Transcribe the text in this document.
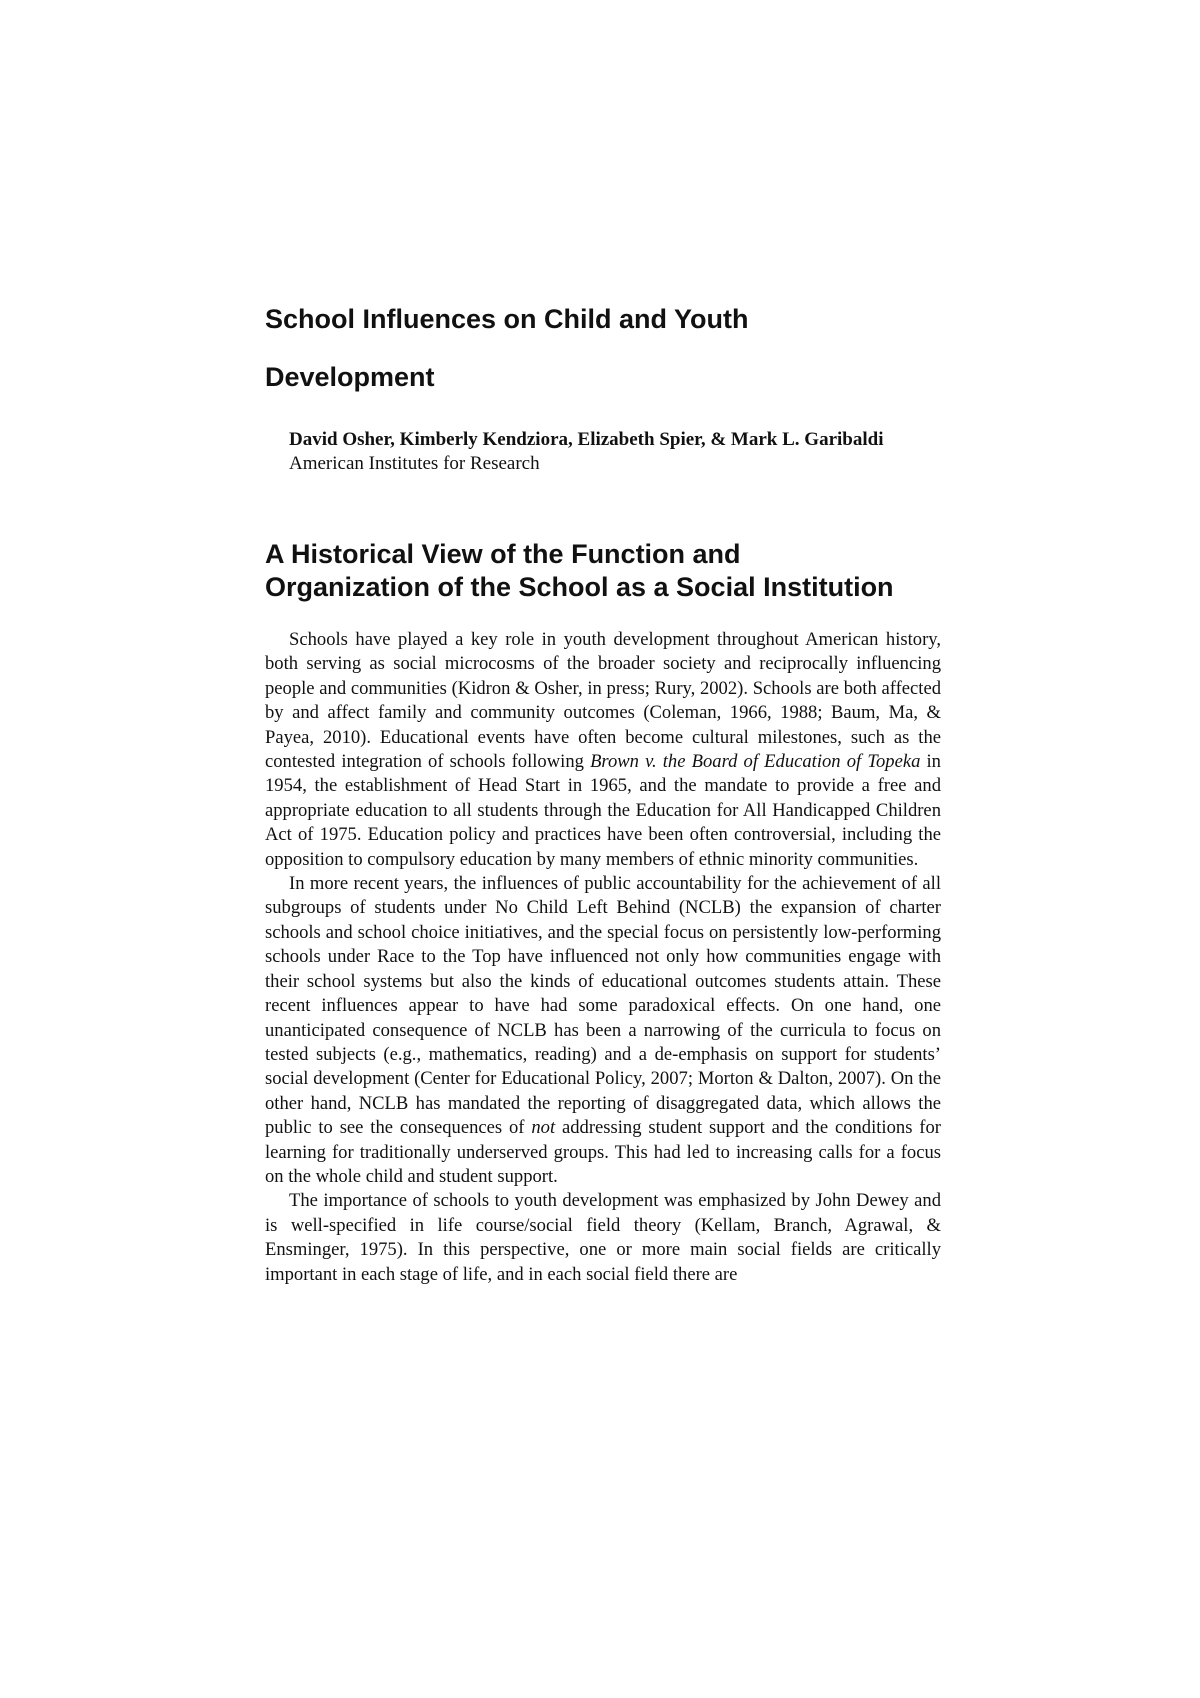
School Influences on Child and Youth
Development

David Osher, Kimberly Kendziora, Elizabeth Spier, & Mark L. Garibaldi

American Institutes for Research

A Historical View of the Function and
Organization of the School as a Social Institution

Schools have played a key role in youth development throughout American history, both serving as social microcosms of the broader society and reciprocally influencing people and communities (Kidron & Osher, in press; Rury, 2002). Schools are both affected by and affect family and community outcomes (Coleman, 1966, 1988; Baum, Ma, & Payea, 2010). Educational events have often become cultural milestones, such as the contested integration of schools following Brown v. the Board of Education of Topeka in 1954, the establishment of Head Start in 1965, and the mandate to provide a free and appropriate education to all students through the Education for All Handicapped Children Act of 1975. Education policy and practices have been often controversial, including the opposition to compulsory education by many members of ethnic minority communities.

In more recent years, the influences of public accountability for the achievement of all subgroups of students under No Child Left Behind (NCLB) the expansion of charter schools and school choice initiatives, and the special focus on persistently low-performing schools under Race to the Top have influenced not only how communities engage with their school systems but also the kinds of educational outcomes students attain. These recent influences appear to have had some paradoxical effects. On one hand, one unanticipated consequence of NCLB has been a narrowing of the curricula to focus on tested subjects (e.g., mathematics, reading) and a de-emphasis on support for students’ social development (Center for Educational Policy, 2007; Morton & Dalton, 2007). On the other hand, NCLB has mandated the reporting of disaggregated data, which allows the public to see the consequences of not addressing student support and the conditions for learning for traditionally underserved groups. This had led to increasing calls for a focus on the whole child and student support.

The importance of schools to youth development was emphasized by John Dewey and is well-specified in life course/social field theory (Kellam, Branch, Agrawal, & Ensminger, 1975). In this perspective, one or more main social fields are critically important in each stage of life, and in each social field there are
